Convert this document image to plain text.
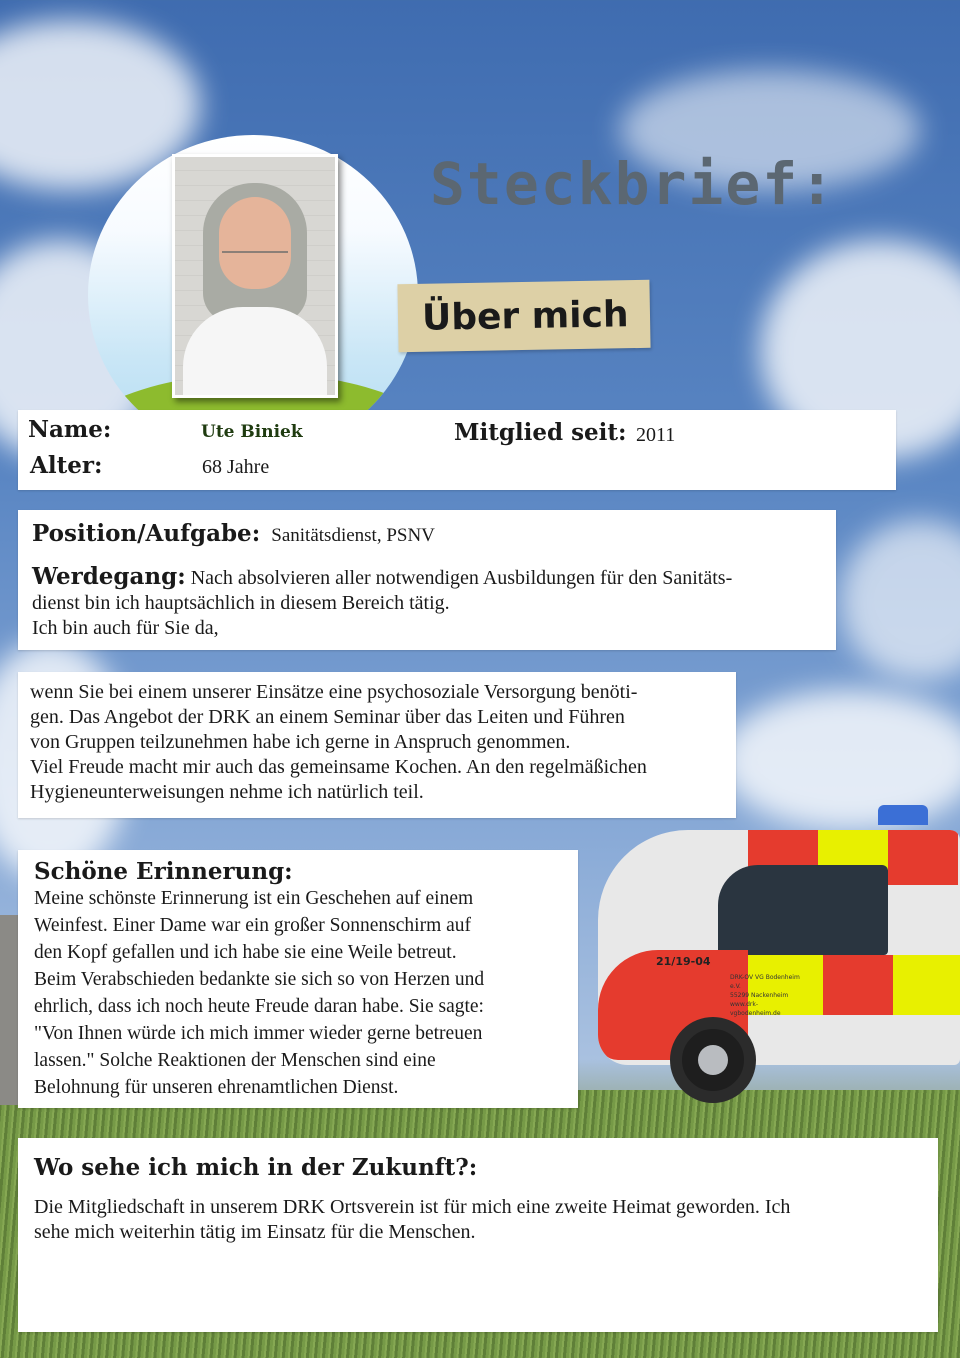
21/19-04
DRK-OV VG Bodenheim e.V.
55299 Nackenheim
www.drk-vgbodenheim.de
Steckbrief:
Über mich
Name:	Ute Biniek
Alter:	68 Jahre
Mitglied seit: 2011
Position/Aufgabe: Sanitätsdienst, PSNV

Werdegang: Nach absolvieren aller notwendigen Ausbildungen für den Sanitäts-

dienst bin ich hauptsächlich in diesem Bereich tätig.

Ich bin auch für Sie da,

wenn Sie bei einem unserer Einsätze eine psychosoziale Versorgung benöti-

gen. Das Angebot der DRK an einem Seminar über das Leiten und Führen

von Gruppen teilzunehmen habe ich gerne in Anspruch genommen.

Viel Freude macht mir auch das gemeinsame Kochen. An den regelmäßichen

Hygieneunterweisungen nehme ich natürlich teil.

Schöne Erinnerung:

Meine schönste Erinnerung ist ein Geschehen auf einem

Weinfest. Einer Dame war ein großer Sonnenschirm auf

den Kopf gefallen und ich habe sie eine Weile betreut.

Beim Verabschieden bedankte sie sich so von Herzen und

ehrlich, dass ich noch heute Freude daran habe. Sie sagte:

"Von Ihnen würde ich mich immer wieder gerne betreuen

lassen." Solche Reaktionen der Menschen sind eine

Belohnung für unseren ehrenamtlichen Dienst.

Wo sehe ich mich in der Zukunft?:

Die Mitgliedschaft in unserem DRK Ortsverein ist für mich eine zweite Heimat geworden. Ich

sehe mich weiterhin tätig im Einsatz für die Menschen.
